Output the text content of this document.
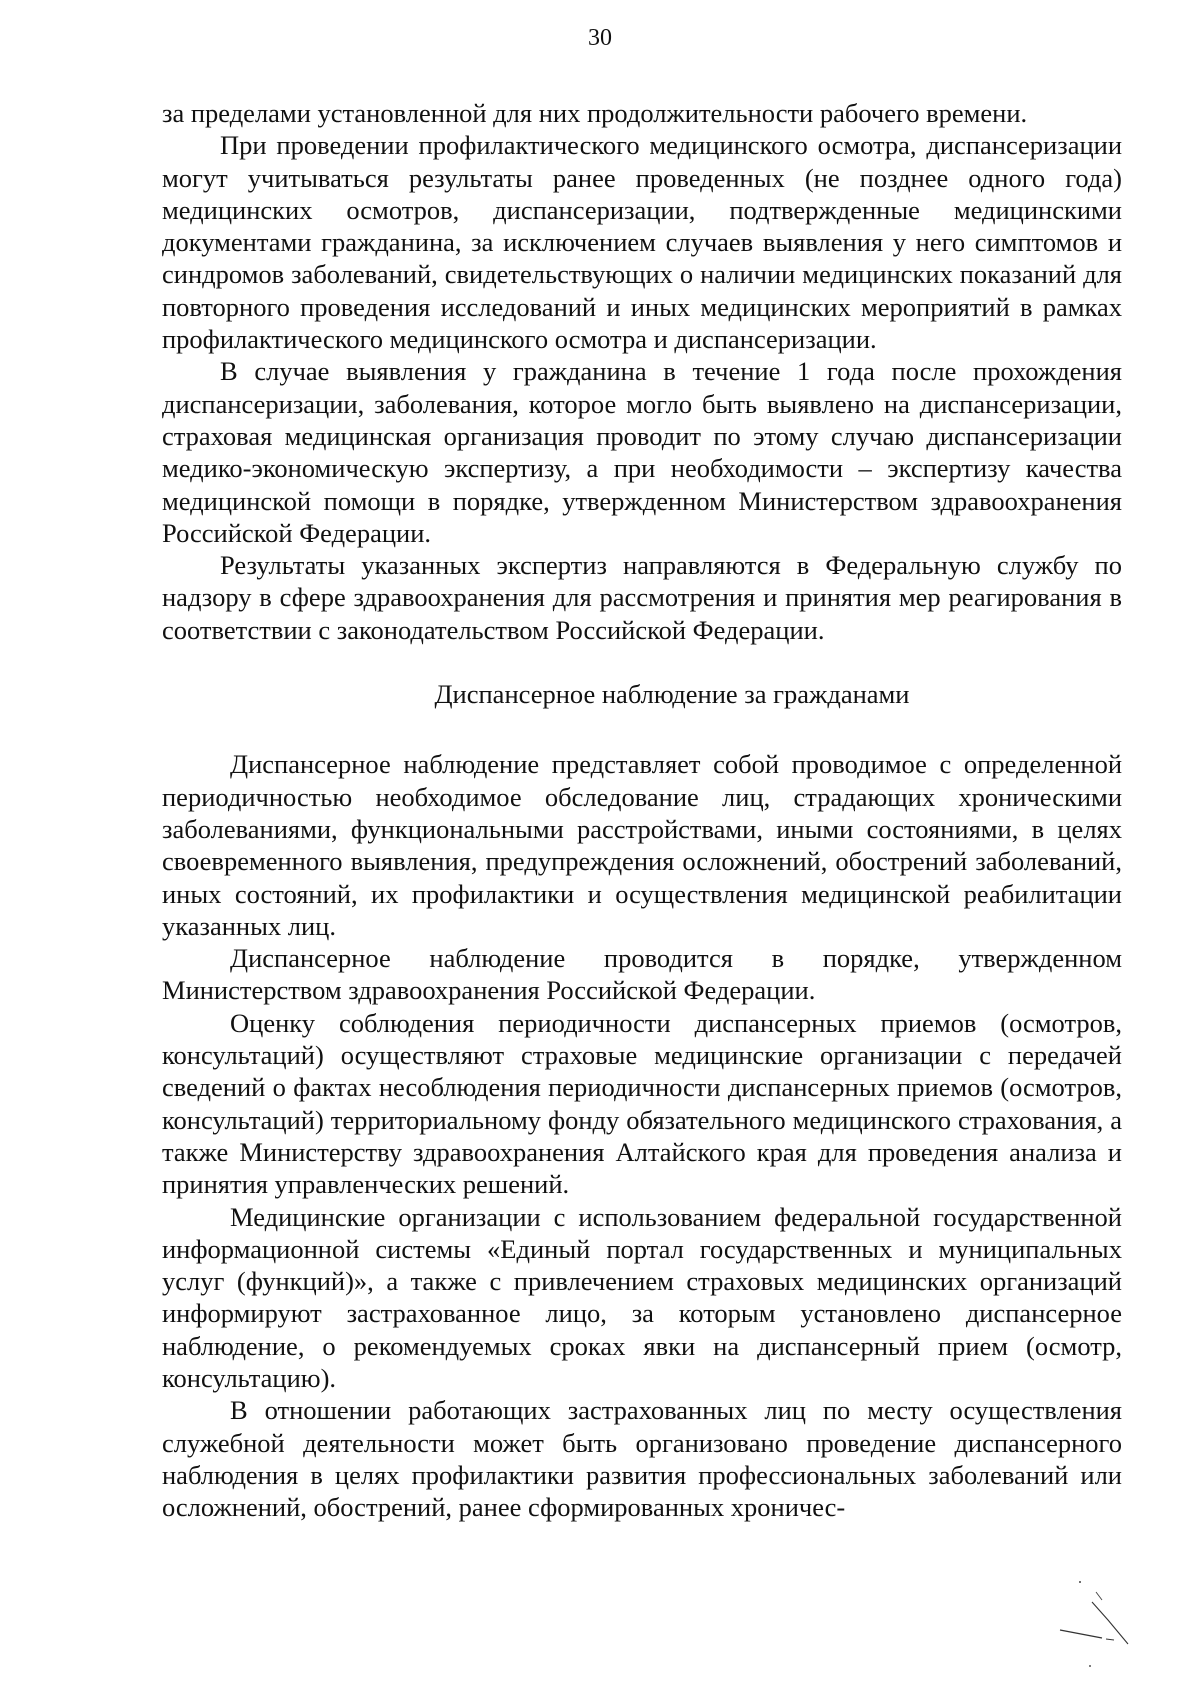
30

за пределами установленной для них продолжительности рабочего времени.

При проведении профилактического медицинского осмотра, диспансеризации могут учитываться результаты ранее проведенных (не позднее одного года) медицинских осмотров, диспансеризации, подтвержденные медицинскими документами гражданина, за исключением случаев выявления у него симптомов и синдромов заболеваний, свидетельствующих о наличии медицинских показаний для повторного проведения исследований и иных медицинских мероприятий в рамках профилактического медицинского осмотра и диспансеризации.

В случае выявления у гражданина в течение 1 года после прохождения диспансеризации, заболевания, которое могло быть выявлено на диспансеризации, страховая медицинская организация проводит по этому случаю диспансеризации медико-экономическую экспертизу, а при необходимости – экспертизу качества медицинской помощи в порядке, утвержденном Министерством здравоохранения Российской Федерации.

Результаты указанных экспертиз направляются в Федеральную службу по надзору в сфере здравоохранения для рассмотрения и принятия мер реагирования в соответствии с законодательством Российской Федерации.

Диспансерное наблюдение за гражданами

Диспансерное наблюдение представляет собой проводимое с определенной периодичностью необходимое обследование лиц, страдающих хроническими заболеваниями, функциональными расстройствами, иными состояниями, в целях своевременного выявления, предупреждения осложнений, обострений заболеваний, иных состояний, их профилактики и осуществления медицинской реабилитации указанных лиц.

Диспансерное наблюдение проводится в порядке, утвержденном Министерством здравоохранения Российской Федерации.

Оценку соблюдения периодичности диспансерных приемов (осмотров, консультаций) осуществляют страховые медицинские организации с передачей сведений о фактах несоблюдения периодичности диспансерных приемов (осмотров, консультаций) территориальному фонду обязательного медицинского страхования, а также Министерству здравоохранения Алтайского края для проведения анализа и принятия управленческих решений.

Медицинские организации с использованием федеральной государственной информационной системы «Единый портал государственных и муниципальных услуг (функций)», а также с привлечением страховых медицинских организаций информируют застрахованное лицо, за которым установлено диспансерное наблюдение, о рекомендуемых сроках явки на диспансерный прием (осмотр, консультацию).

В отношении работающих застрахованных лиц по месту осуществления служебной деятельности может быть организовано проведение диспансерного наблюдения в целях профилактики развития профессиональных заболеваний или осложнений, обострений, ранее сформированных хроничес-
